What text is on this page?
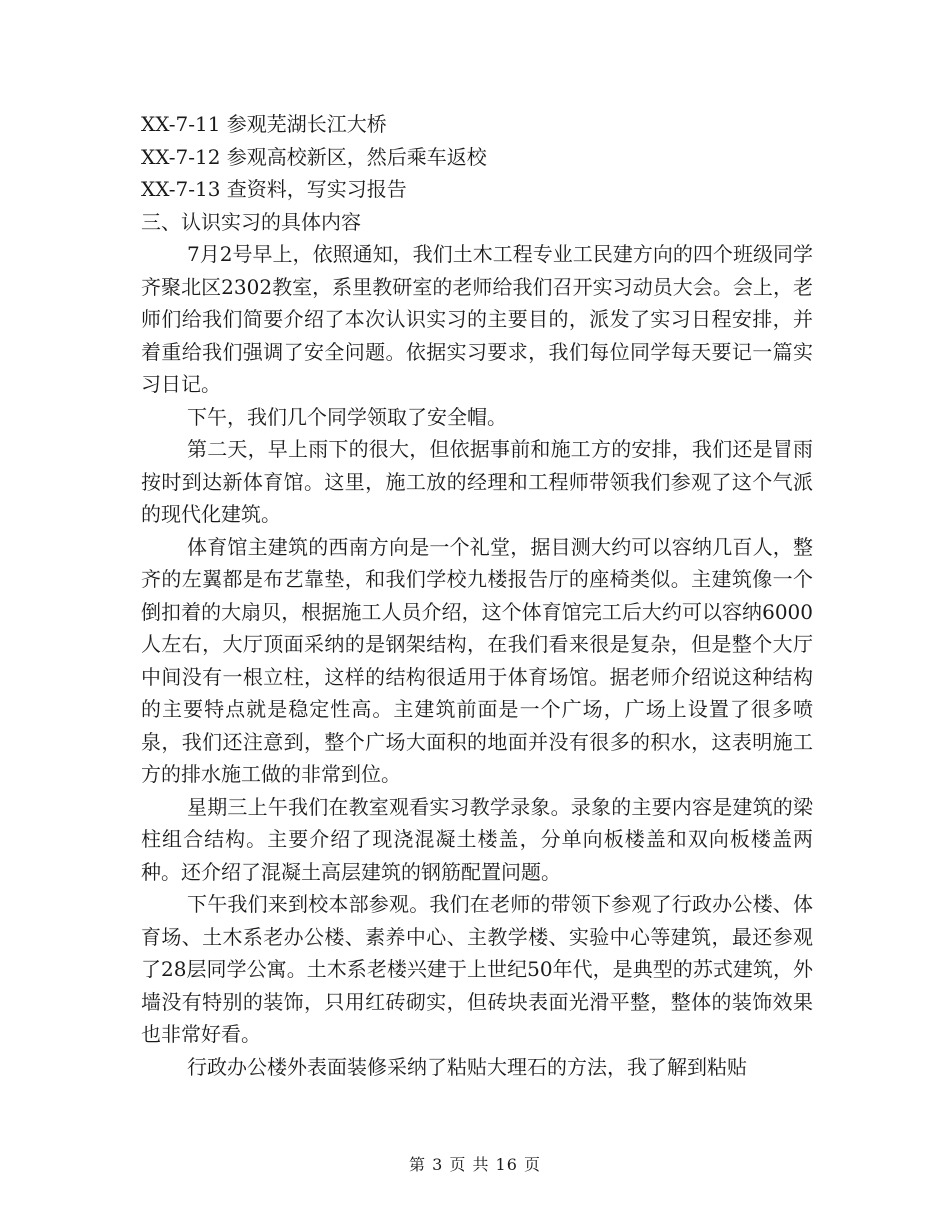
XX-7-11 参观芜湖长江大桥

XX-7-12 参观高校新区，然后乘车返校

XX-7-13 查资料，写实习报告

三、认识实习的具体内容

7月2号早上，依照通知，我们土木工程专业工民建方向的四个班级同学齐聚北区2302教室，系里教研室的老师给我们召开实习动员大会。会上，老师们给我们简要介绍了本次认识实习的主要目的，派发了实习日程安排，并着重给我们强调了安全问题。依据实习要求，我们每位同学每天要记一篇实习日记。

下午，我们几个同学领取了安全帽。

第二天，早上雨下的很大，但依据事前和施工方的安排，我们还是冒雨按时到达新体育馆。这里，施工放的经理和工程师带领我们参观了这个气派的现代化建筑。

体育馆主建筑的西南方向是一个礼堂，据目测大约可以容纳几百人，整齐的左翼都是布艺靠垫，和我们学校九楼报告厅的座椅类似。主建筑像一个倒扣着的大扇贝，根据施工人员介绍，这个体育馆完工后大约可以容纳6000人左右，大厅顶面采纳的是钢架结构，在我们看来很是复杂，但是整个大厅中间没有一根立柱，这样的结构很适用于体育场馆。据老师介绍说这种结构的主要特点就是稳定性高。主建筑前面是一个广场，广场上设置了很多喷泉，我们还注意到，整个广场大面积的地面并没有很多的积水，这表明施工方的排水施工做的非常到位。

星期三上午我们在教室观看实习教学录象。录象的主要内容是建筑的梁柱组合结构。主要介绍了现浇混凝土楼盖，分单向板楼盖和双向板楼盖两种。还介绍了混凝土高层建筑的钢筋配置问题。

下午我们来到校本部参观。我们在老师的带领下参观了行政办公楼、体育场、土木系老办公楼、素养中心、主教学楼、实验中心等建筑，最还参观了28层同学公寓。土木系老楼兴建于上世纪50年代，是典型的苏式建筑，外墙没有特别的装饰，只用红砖砌实，但砖块表面光滑平整，整体的装饰效果也非常好看。

行政办公楼外表面装修采纳了粘贴大理石的方法，我了解到粘贴

第 3 页 共 16 页
